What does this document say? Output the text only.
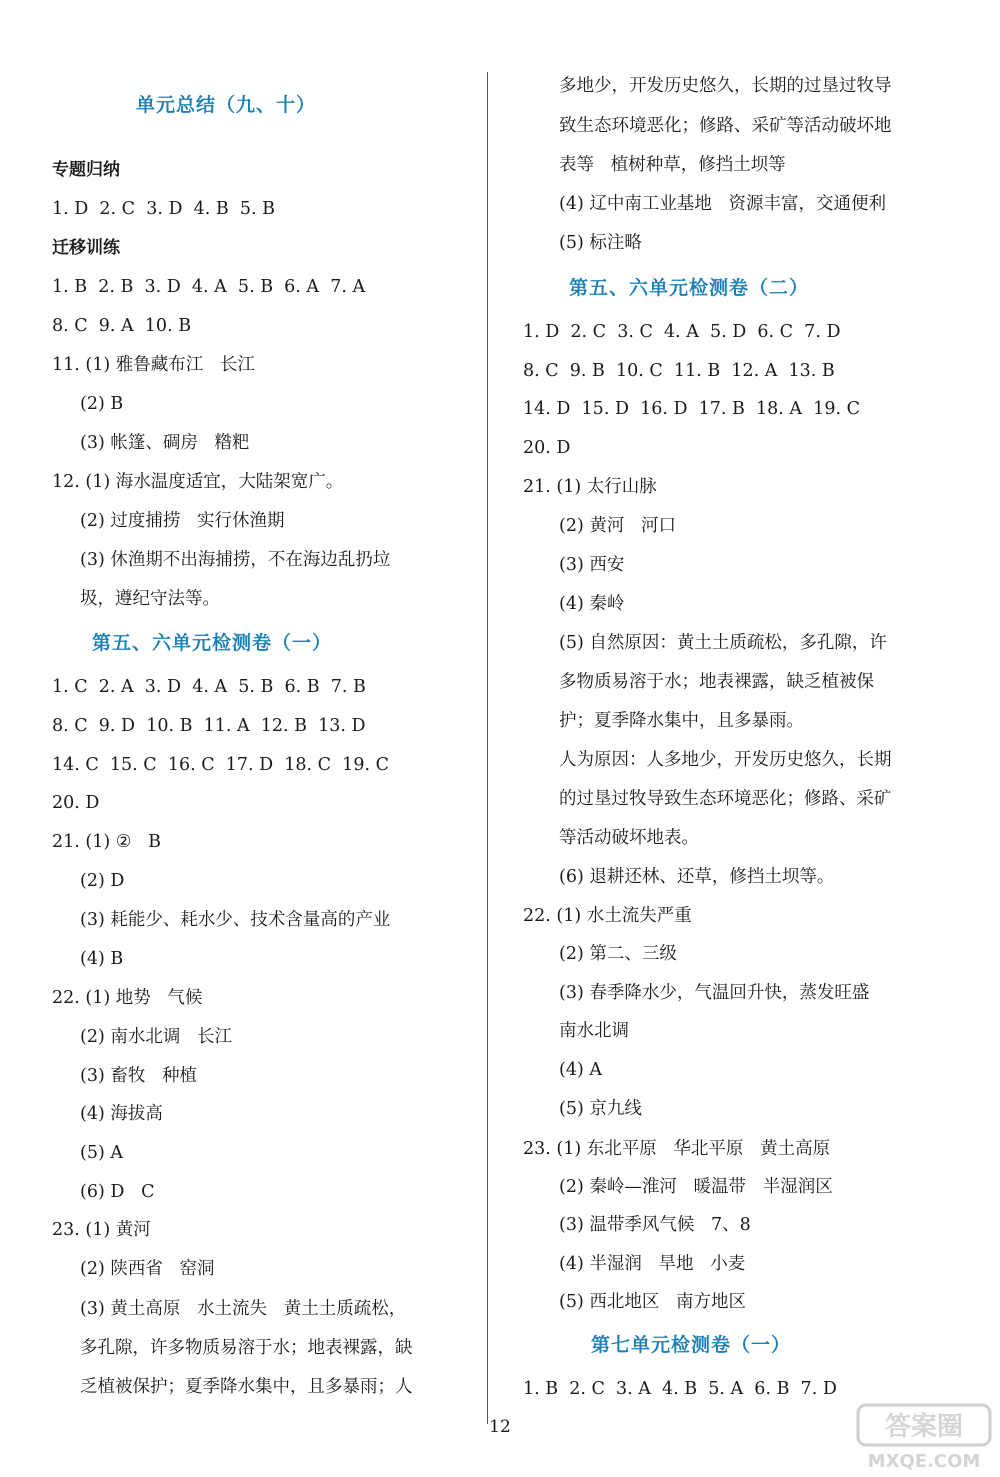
单元总结（九、十）
专题归纳
1. D  2. C  3. D  4. B  5. B
迁移训练
1. B  2. B  3. D  4. A  5. B  6. A  7. A
8. C  9. A  10. B
11. (1) 雅鲁藏布江   长江
(2) B
(3) 帐篷、碉房   糌粑
12. (1) 海水温度适宜，大陆架宽广。
(2) 过度捕捞   实行休渔期
(3) 休渔期不出海捕捞，不在海边乱扔垃
圾，遵纪守法等。
第五、六单元检测卷（一）
1. C  2. A  3. D  4. A  5. B  6. B  7. B
8. C  9. D  10. B  11. A  12. B  13. D
14. C  15. C  16. C  17. D  18. C  19. C
20. D
21. (1) ②   B
(2) D
(3) 耗能少、耗水少、技术含量高的产业
(4) B
22. (1) 地势   气候
(2) 南水北调   长江
(3) 畜牧   种植
(4) 海拔高
(5) A
(6) D   C
23. (1) 黄河
(2) 陕西省   窑洞
(3) 黄土高原   水土流失   黄土土质疏松，
多孔隙，许多物质易溶于水；地表裸露，缺
乏植被保护；夏季降水集中，且多暴雨；人
多地少，开发历史悠久，长期的过垦过牧导
致生态环境恶化；修路、采矿等活动破坏地
表等   植树种草，修挡土坝等
(4) 辽中南工业基地   资源丰富，交通便利
(5) 标注略
第五、六单元检测卷（二）
1. D  2. C  3. C  4. A  5. D  6. C  7. D
8. C  9. B  10. C  11. B  12. A  13. B
14. D  15. D  16. D  17. B  18. A  19. C
20. D
21. (1) 太行山脉
(2) 黄河   河口
(3) 西安
(4) 秦岭
(5) 自然原因：黄土土质疏松，多孔隙，许
多物质易溶于水；地表裸露，缺乏植被保
护；夏季降水集中，且多暴雨。
人为原因：人多地少，开发历史悠久，长期
的过垦过牧导致生态环境恶化；修路、采矿
等活动破坏地表。
(6) 退耕还林、还草，修挡土坝等。
22. (1) 水土流失严重
(2) 第二、三级
(3) 春季降水少，气温回升快，蒸发旺盛
南水北调
(4) A
(5) 京九线
23. (1) 东北平原   华北平原   黄土高原
(2) 秦岭—淮河   暖温带   半湿润区
(3) 温带季风气候   7、8
(4) 半湿润   旱地   小麦
(5) 西北地区   南方地区
第七单元检测卷（一）
1. B  2. C  3. A  4. B  5. A  6. B  7. D
12	答案圈
MXQE.COM
